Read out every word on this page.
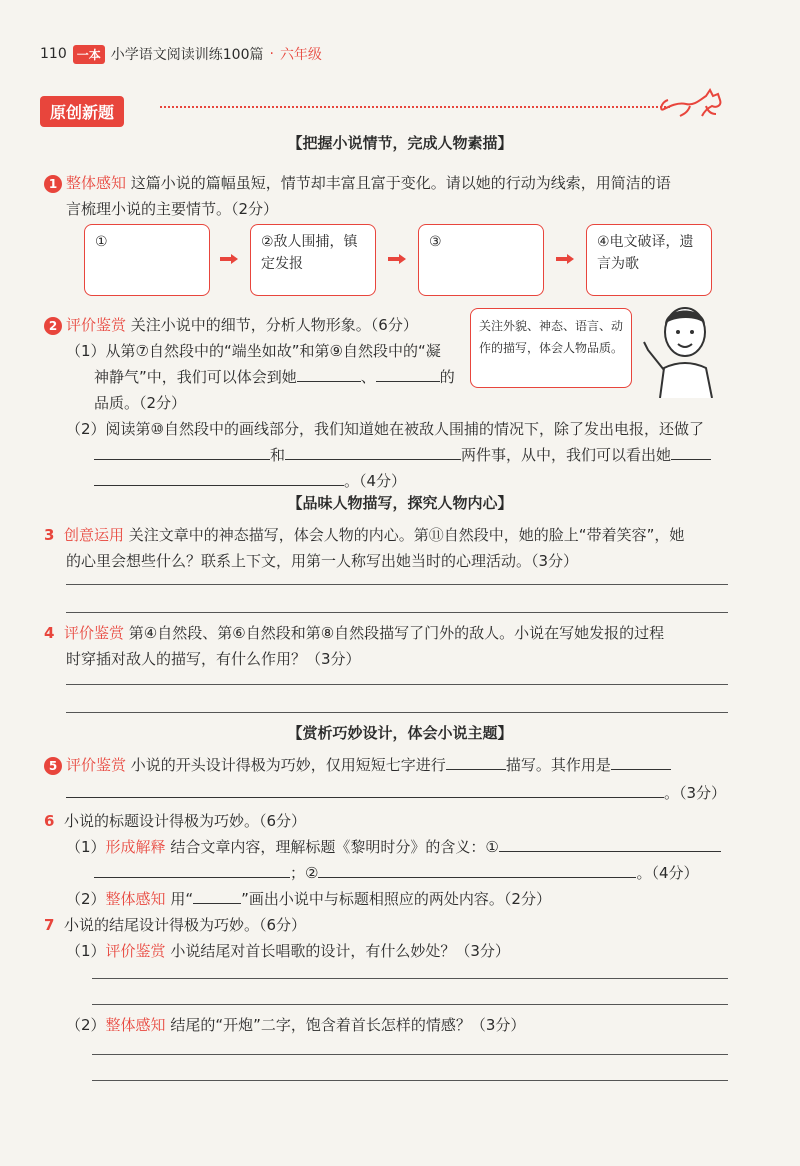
110 一本 小学语文阅读训练100篇 · 六年级
原创新题
【把握小说情节，完成人物素描】
1 整体感知 这篇小说的篇幅虽短，情节却丰富且富于变化。请以她的行动为线索，用简洁的语
言梳理小说的主要情节。（2分）
①	②敌人围捕，镇定发报
③	④电文破译，遗言为歌
2 评价鉴赏 关注小说中的细节，分析人物形象。（6分）
（1）从第⑦自然段中的“端坐如故”和第⑨自然段中的“凝
神静气”中，我们可以体会到她	、	的
品质。（2分）
关注外貌、神态、语言、动作的描写，体会人物品质。
（2）阅读第⑩自然段中的画线部分，我们知道她在被敌人围捕的情况下，除了发出电报，还做了
和	两件事，从中，我们可以看出她
。（4分）
【品味人物描写，探究人物内心】
3 创意运用 关注文章中的神态描写，体会人物的内心。第⑪自然段中，她的脸上“带着笑容”，她
的心里会想些什么？联系上下文，用第一人称写出她当时的心理活动。（3分）
4 评价鉴赏 第④自然段、第⑥自然段和第⑧自然段描写了门外的敌人。小说在写她发报的过程
时穿插对敌人的描写，有什么作用？（3分）
【赏析巧妙设计，体会小说主题】
5 评价鉴赏 小说的开头设计得极为巧妙，仅用短短七字进行	描写。其作用是
。（3分）
6 小说的标题设计得极为巧妙。（6分）
（1）形成解释 结合文章内容，理解标题《黎明时分》的含义：①
；②	。（4分）
（2）整体感知 用“	”画出小说中与标题相照应的两处内容。（2分）
7 小说的结尾设计得极为巧妙。（6分）
（1）评价鉴赏 小说结尾对首长唱歌的设计，有什么妙处？（3分）
（2）整体感知 结尾的“开炮”二字，饱含着首长怎样的情感？（3分）
